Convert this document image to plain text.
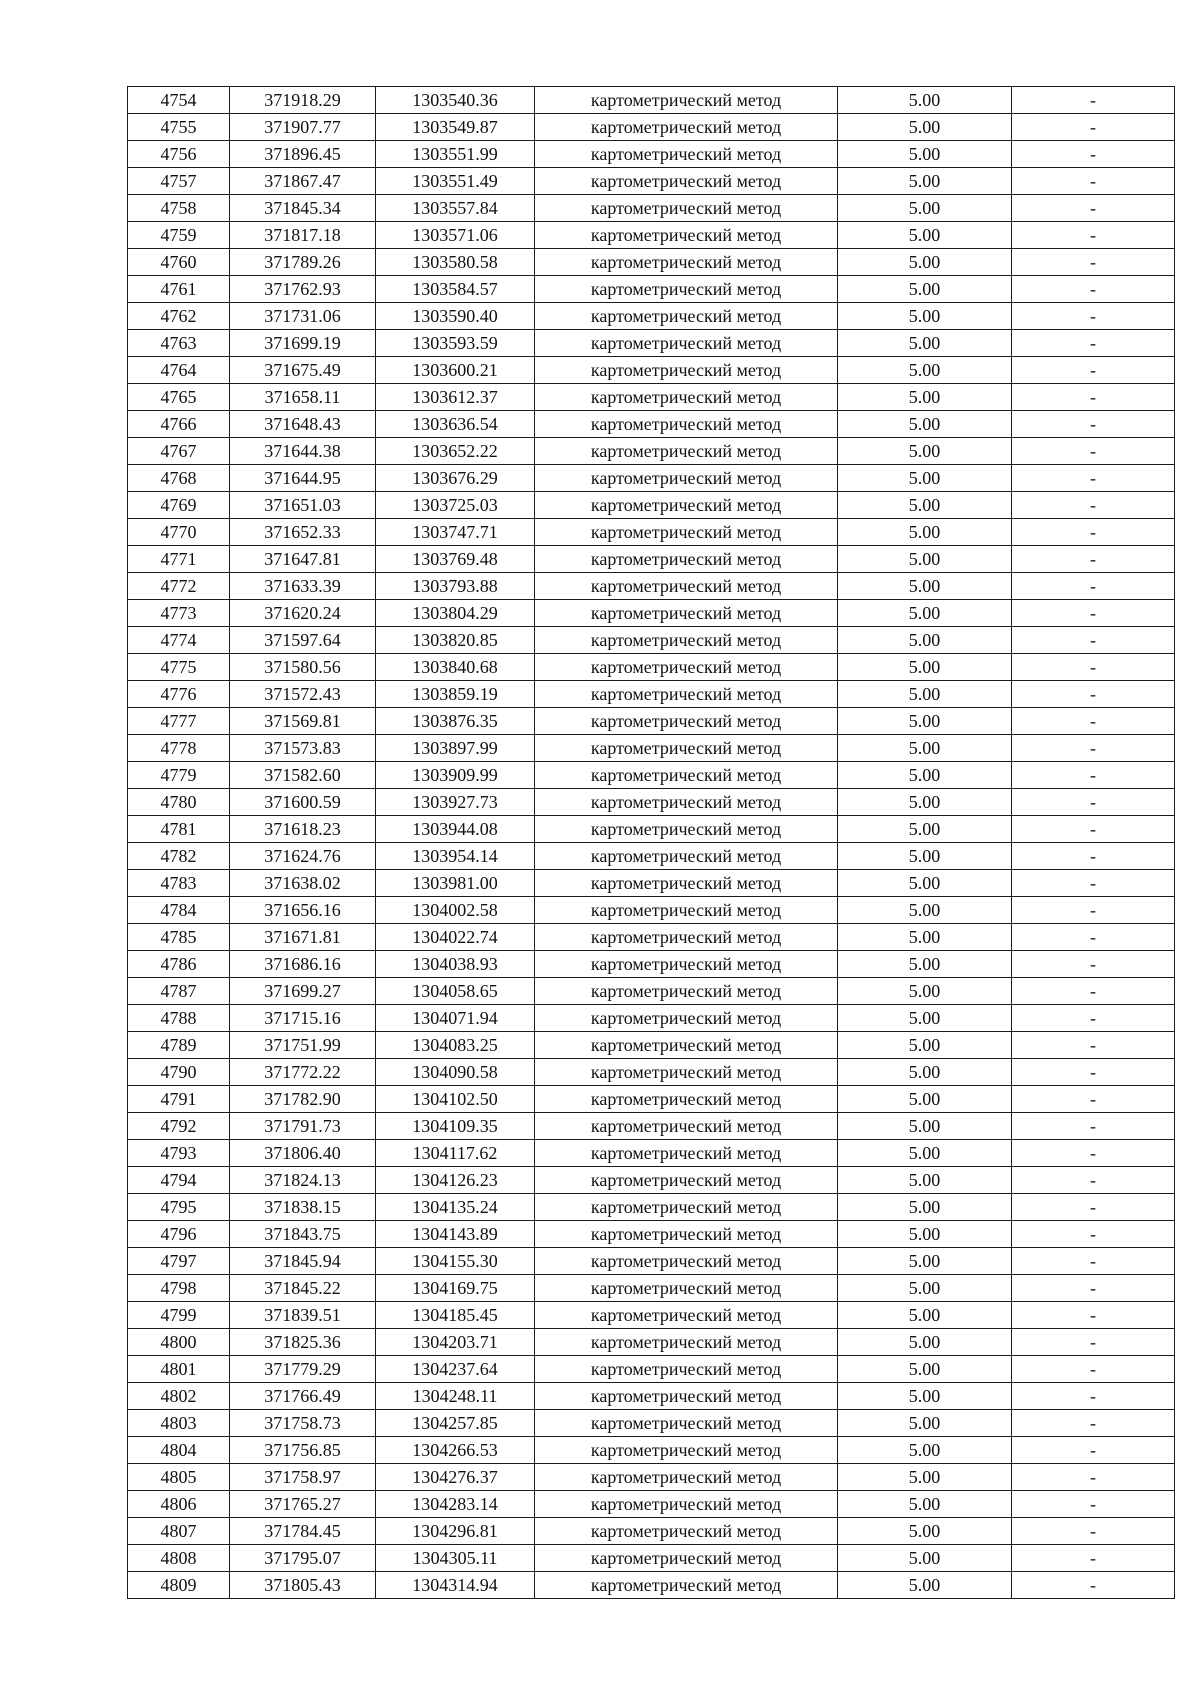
4754	371918.29	1303540.36	картометрический метод	5.00	-
4755	371907.77	1303549.87	картометрический метод	5.00	-
4756	371896.45	1303551.99	картометрический метод	5.00	-
4757	371867.47	1303551.49	картометрический метод	5.00	-
4758	371845.34	1303557.84	картометрический метод	5.00	-
4759	371817.18	1303571.06	картометрический метод	5.00	-
4760	371789.26	1303580.58	картометрический метод	5.00	-
4761	371762.93	1303584.57	картометрический метод	5.00	-
4762	371731.06	1303590.40	картометрический метод	5.00	-
4763	371699.19	1303593.59	картометрический метод	5.00	-
4764	371675.49	1303600.21	картометрический метод	5.00	-
4765	371658.11	1303612.37	картометрический метод	5.00	-
4766	371648.43	1303636.54	картометрический метод	5.00	-
4767	371644.38	1303652.22	картометрический метод	5.00	-
4768	371644.95	1303676.29	картометрический метод	5.00	-
4769	371651.03	1303725.03	картометрический метод	5.00	-
4770	371652.33	1303747.71	картометрический метод	5.00	-
4771	371647.81	1303769.48	картометрический метод	5.00	-
4772	371633.39	1303793.88	картометрический метод	5.00	-
4773	371620.24	1303804.29	картометрический метод	5.00	-
4774	371597.64	1303820.85	картометрический метод	5.00	-
4775	371580.56	1303840.68	картометрический метод	5.00	-
4776	371572.43	1303859.19	картометрический метод	5.00	-
4777	371569.81	1303876.35	картометрический метод	5.00	-
4778	371573.83	1303897.99	картометрический метод	5.00	-
4779	371582.60	1303909.99	картометрический метод	5.00	-
4780	371600.59	1303927.73	картометрический метод	5.00	-
4781	371618.23	1303944.08	картометрический метод	5.00	-
4782	371624.76	1303954.14	картометрический метод	5.00	-
4783	371638.02	1303981.00	картометрический метод	5.00	-
4784	371656.16	1304002.58	картометрический метод	5.00	-
4785	371671.81	1304022.74	картометрический метод	5.00	-
4786	371686.16	1304038.93	картометрический метод	5.00	-
4787	371699.27	1304058.65	картометрический метод	5.00	-
4788	371715.16	1304071.94	картометрический метод	5.00	-
4789	371751.99	1304083.25	картометрический метод	5.00	-
4790	371772.22	1304090.58	картометрический метод	5.00	-
4791	371782.90	1304102.50	картометрический метод	5.00	-
4792	371791.73	1304109.35	картометрический метод	5.00	-
4793	371806.40	1304117.62	картометрический метод	5.00	-
4794	371824.13	1304126.23	картометрический метод	5.00	-
4795	371838.15	1304135.24	картометрический метод	5.00	-
4796	371843.75	1304143.89	картометрический метод	5.00	-
4797	371845.94	1304155.30	картометрический метод	5.00	-
4798	371845.22	1304169.75	картометрический метод	5.00	-
4799	371839.51	1304185.45	картометрический метод	5.00	-
4800	371825.36	1304203.71	картометрический метод	5.00	-
4801	371779.29	1304237.64	картометрический метод	5.00	-
4802	371766.49	1304248.11	картометрический метод	5.00	-
4803	371758.73	1304257.85	картометрический метод	5.00	-
4804	371756.85	1304266.53	картометрический метод	5.00	-
4805	371758.97	1304276.37	картометрический метод	5.00	-
4806	371765.27	1304283.14	картометрический метод	5.00	-
4807	371784.45	1304296.81	картометрический метод	5.00	-
4808	371795.07	1304305.11	картометрический метод	5.00	-
4809	371805.43	1304314.94	картометрический метод	5.00	-
